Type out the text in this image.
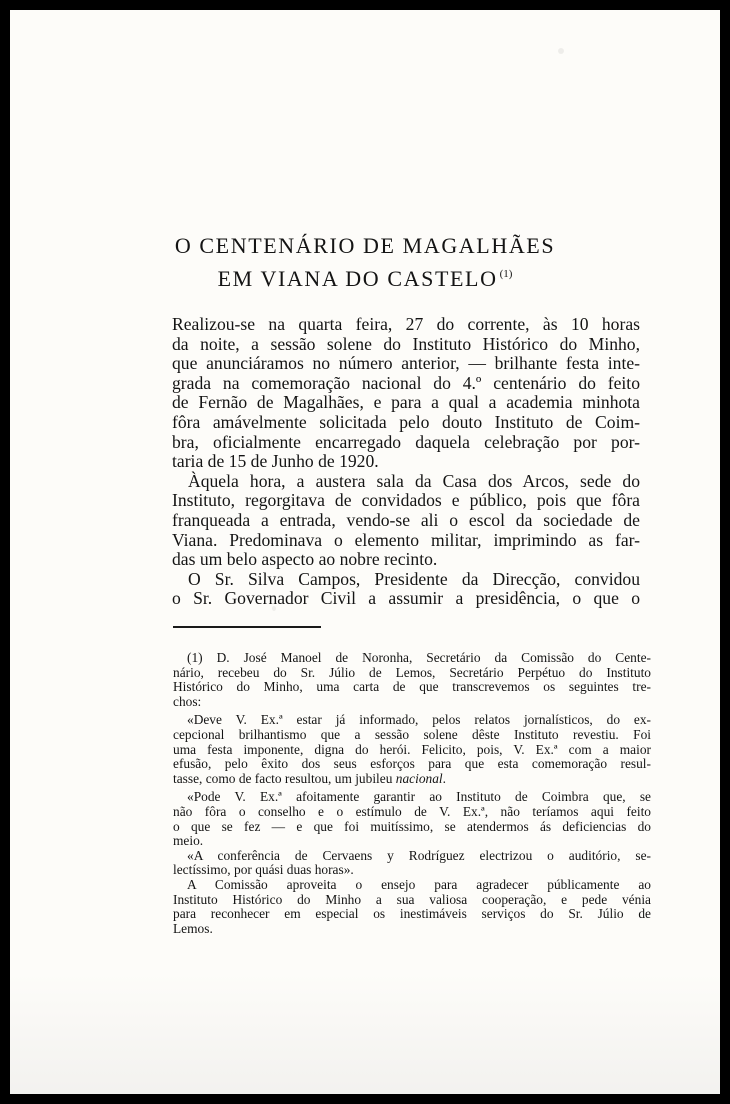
O CENTENÁRIO DE MAGALHÃES
EM VIANA DO CASTELO $^{(1)}$
Realizou-se na quarta feira, 27 do corrente, às 10 horas
da noite, a sessão solene do Instituto Histórico do Minho,
que anunciáramos no número anterior, — brilhante festa inte-
grada na comemoração nacional do 4.º centenário do feito
de Fernão de Magalhães, e para a qual a academia minhota
fôra amávelmente solicitada pelo douto Instituto de Coim-
bra, oficialmente encarregado daquela celebração por por-
taria de 15 de Junho de 1920.
Àquela hora, a austera sala da Casa dos Arcos, sede do
Instituto, regorgitava de convidados e público, pois que fôra
franqueada a entrada, vendo-se ali o escol da sociedade de
Viana. Predominava o elemento militar, imprimindo as far-
das um belo aspecto ao nobre recinto.
O Sr. Silva Campos, Presidente da Direcção, convidou
o Sr. Governador Civil a assumir a presidência, o que o
(1) D. José Manoel de Noronha, Secretário da Comissão do Cente-
nário, recebeu do Sr. Júlio de Lemos, Secretário Perpétuo do Instituto
Histórico do Minho, uma carta de que transcrevemos os seguintes tre-
chos:
«Deve V. Ex.ª estar já informado, pelos relatos jornalísticos, do ex-
cepcional brilhantismo que a sessão solene dêste Instituto revestiu. Foi
uma festa imponente, digna do herói. Felicito, pois, V. Ex.ª com a maior
efusão, pelo êxito dos seus esforços para que esta comemoração resul-
tasse, como de facto resultou, um jubileu nacional.
«Pode V. Ex.ª afoitamente garantir ao Instituto de Coimbra que, se
não fôra o conselho e o estímulo de V. Ex.ª, não teríamos aqui feito
o que se fez — e que foi muitíssimo, se atendermos ás deficiencias do
meio.
«A conferência de Cervaens y Rodríguez electrizou o auditório, se-
lectíssimo, por quási duas horas».
A Comissão aproveita o ensejo para agradecer públicamente ao
Instituto Histórico do Minho a sua valiosa cooperação, e pede vénia
para reconhecer em especial os inestimáveis serviços do Sr. Júlio de
Lemos.
